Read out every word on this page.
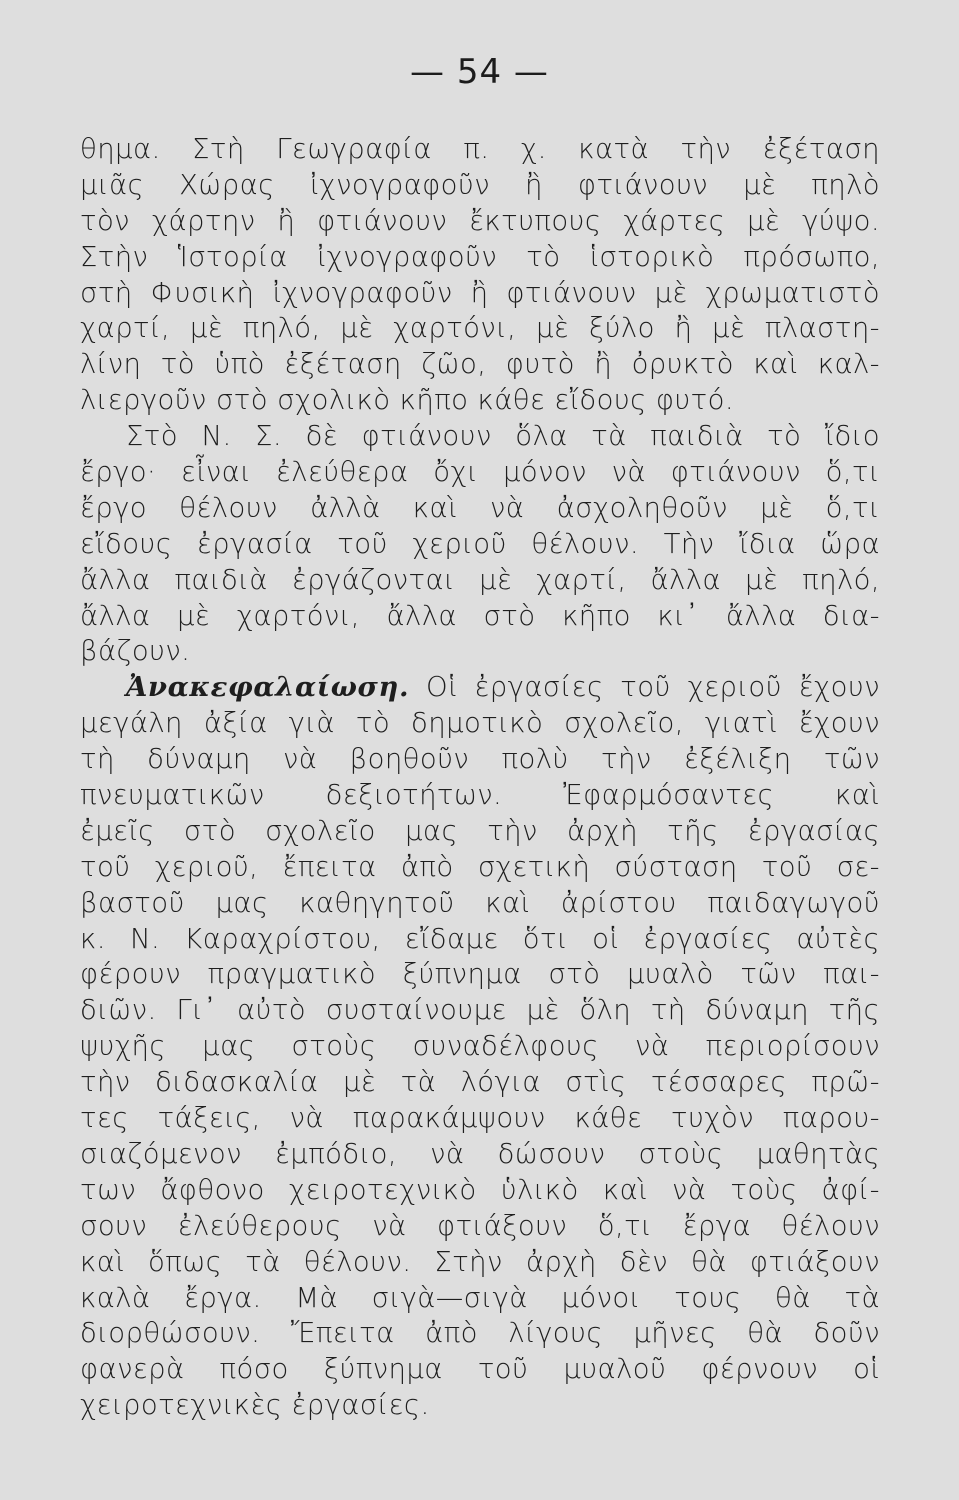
— 54 —
θημα. Στὴ Γεωγραφία π. χ. κατὰ τὴν ἐξέταση
μιᾶς Χώρας ἰχνογραφοῦν ἢ φτιάνουν μὲ πηλὸ
τὸν χάρτην ἢ φτιάνουν ἔκτυπους χάρτες μὲ γύψο.
Στὴν Ἱστορία ἰχνογραφοῦν τὸ ἱστορικὸ πρόσωπο,
στὴ Φυσικὴ ἰχνογραφοῦν ἢ φτιάνουν μὲ χρωματιστὸ
χαρτί, μὲ πηλό, μὲ χαρτόνι, μὲ ξύλο ἢ μὲ πλαστη-
λίνη τὸ ὑπὸ ἐξέταση ζῶο, φυτὸ ἢ ὀρυκτὸ καὶ καλ-
λιεργοῦν στὸ σχολικὸ κῆπο κάθε εἴδους φυτό.
Στὸ Ν. Σ. δὲ φτιάνουν ὅλα τὰ παιδιὰ τὸ ἴδιο
ἔργο· εἶναι ἐλεύθερα ὄχι μόνον νὰ φτιάνουν ὅ,τι
ἔργο θέλουν ἀλλὰ καὶ νὰ ἀσχοληθοῦν μὲ ὅ,τι
εἴδους ἐργασία τοῦ χεριοῦ θέλουν. Τὴν ἴδια ὥρα
ἄλλα παιδιὰ ἐργάζονται μὲ χαρτί, ἄλλα μὲ πηλό,
ἄλλα μὲ χαρτόνι, ἄλλα στὸ κῆπο κι᾿ ἄλλα δια-
βάζουν.
Ἀνακεφαλαίωση. Οἱ ἐργασίες τοῦ χεριοῦ ἔχουν
μεγάλη ἀξία γιὰ τὸ δημοτικὸ σχολεῖο, γιατὶ ἔχουν
τὴ δύναμη νὰ βοηθοῦν πολὺ τὴν ἐξέλιξη τῶν
πνευματικῶν δεξιοτήτων. Ἐφαρμόσαντες καὶ
ἐμεῖς στὸ σχολεῖο μας τὴν ἀρχὴ τῆς ἐργασίας
τοῦ χεριοῦ, ἔπειτα ἀπὸ σχετικὴ σύσταση τοῦ σε-
βαστοῦ μας καθηγητοῦ καὶ ἀρίστου παιδαγωγοῦ
κ. Ν. Καραχρίστου, εἴδαμε ὅτι οἱ ἐργασίες αὐτὲς
φέρουν πραγματικὸ ξύπνημα στὸ μυαλὸ τῶν παι-
διῶν. Γι᾿ αὐτὸ συσταίνουμε μὲ ὅλη τὴ δύναμη τῆς
ψυχῆς μας στοὺς συναδέλφους νὰ περιορίσουν
τὴν διδασκαλία μὲ τὰ λόγια στὶς τέσσαρες πρῶ-
τες τάξεις, νὰ παρακάμψουν κάθε τυχὸν παρου-
σιαζόμενον ἐμπόδιο, νὰ δώσουν στοὺς μαθητὰς
των ἄφθονο χειροτεχνικὸ ὑλικὸ καὶ νὰ τοὺς ἀφί-
σουν ἐλεύθερους νὰ φτιάξουν ὅ,τι ἔργα θέλουν
καὶ ὅπως τὰ θέλουν. Στὴν ἀρχὴ δὲν θὰ φτιάξουν
καλὰ ἔργα. Μὰ σιγὰ—σιγὰ μόνοι τους θὰ τὰ
διορθώσουν. Ἔπειτα ἀπὸ λίγους μῆνες θὰ δοῦν
φανερὰ πόσο ξύπνημα τοῦ μυαλοῦ φέρνουν οἱ
χειροτεχνικὲς ἐργασίες.
